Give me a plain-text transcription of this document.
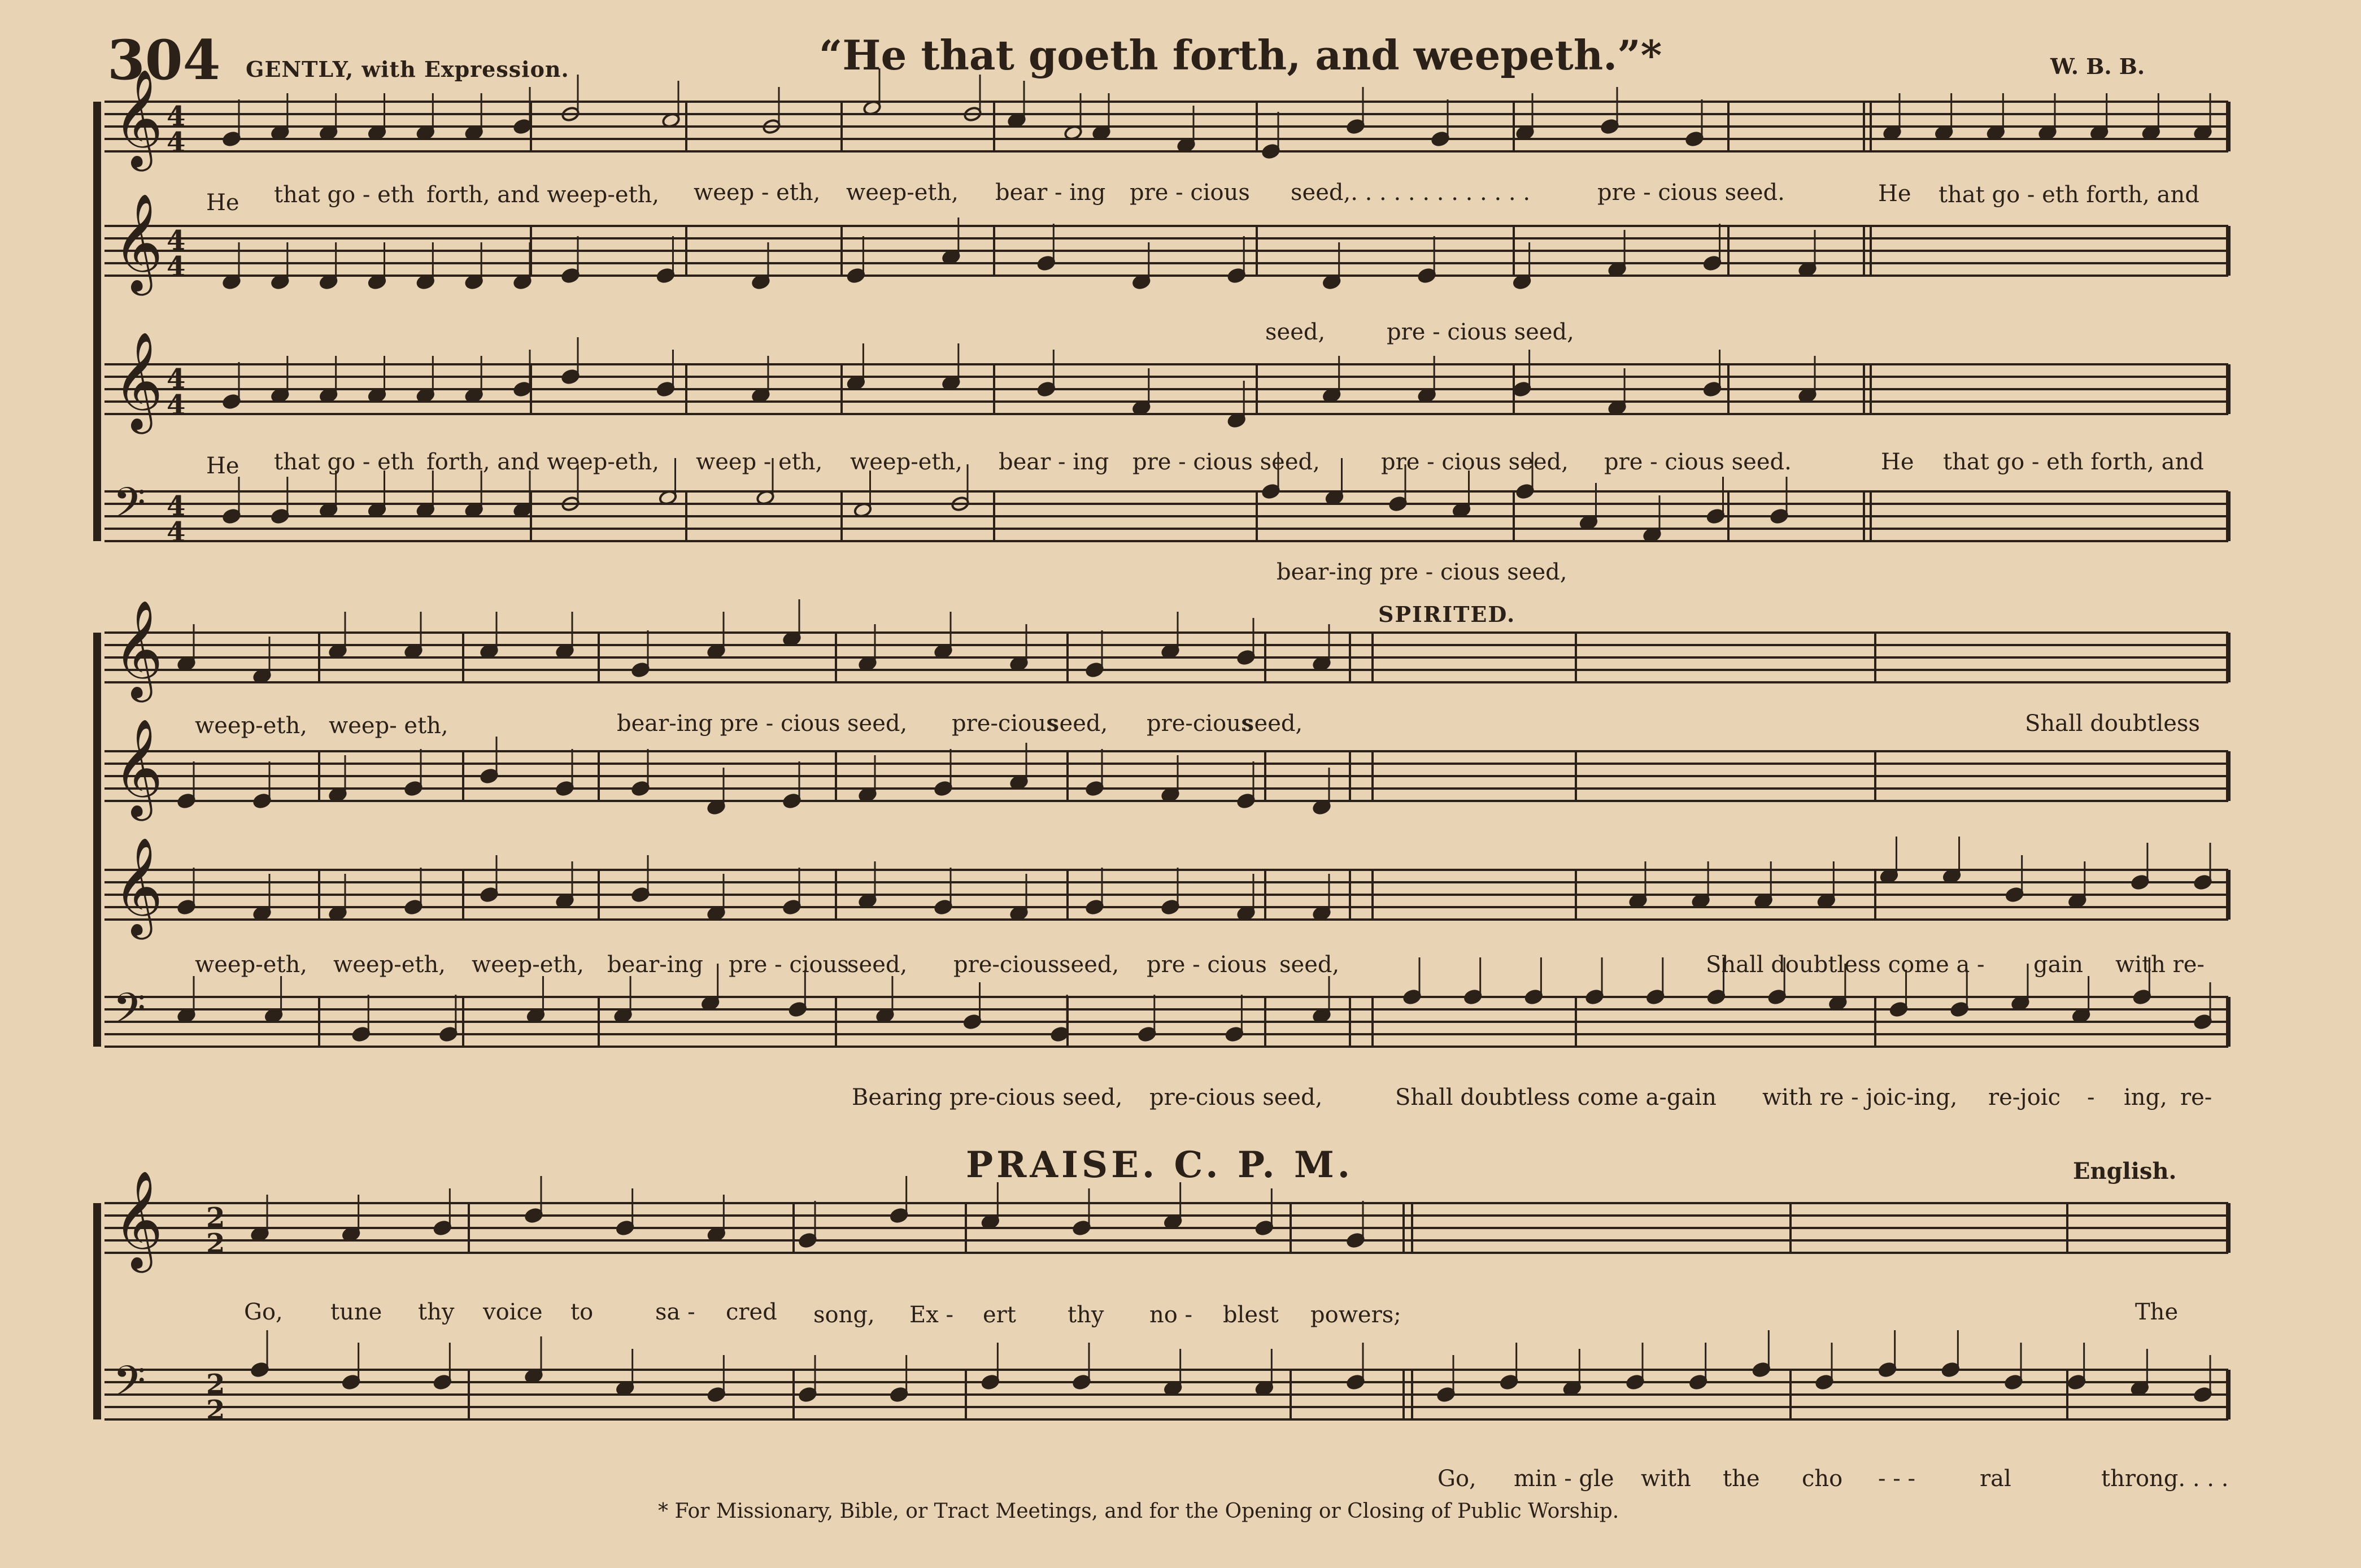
𝄞 4
4
𝄞 4
4
𝄞 4
4
𝄢 4
4
𝄞
𝄞
𝄞
𝄢
𝄞 2
2
𝄢 2
2
304 GENTLY, with Expression.	“He that goeth forth, and weepeth.”*	W. B. B.
He that go - eth forth, and weep-eth, weep - eth, weep-eth, bear - ing pre - cious seed,. . . . . . . . . . . . .	pre - cious seed.	He that go - eth forth, and
seed,	pre - cious seed,
He that go - eth forth, and weep-eth, weep - eth, weep-eth, bear - ing pre - cious seed,	pre - cious seed, pre - cious seed.	He that go - eth forth, and
bear-ing pre - cious seed,
SPIRITED.
weep-eth, weep- eth,	bear-ing pre - cious seed, pre-cious
seed, pre-cious
seed,	Shall doubtless
weep-eth, weep-eth, weep-eth, bear-ing pre - cious
seed, pre-cious seed, pre - cious seed,	Shall doubtless come a - gain with re-
Bearing pre-cious seed, pre-cious seed,	Shall doubtless come a-gain with re - joic-ing, re-joic - ing, re-
PRAISE. C. P. M.	English.
Go, tune thy voice to	sa - cred song, Ex - ert thy no - blest powers;	The
Go, min - gle with the cho - - -	ral	throng. . . .
* For Missionary, Bible, or Tract Meetings, and for the Opening or Closing of Public Worship.
